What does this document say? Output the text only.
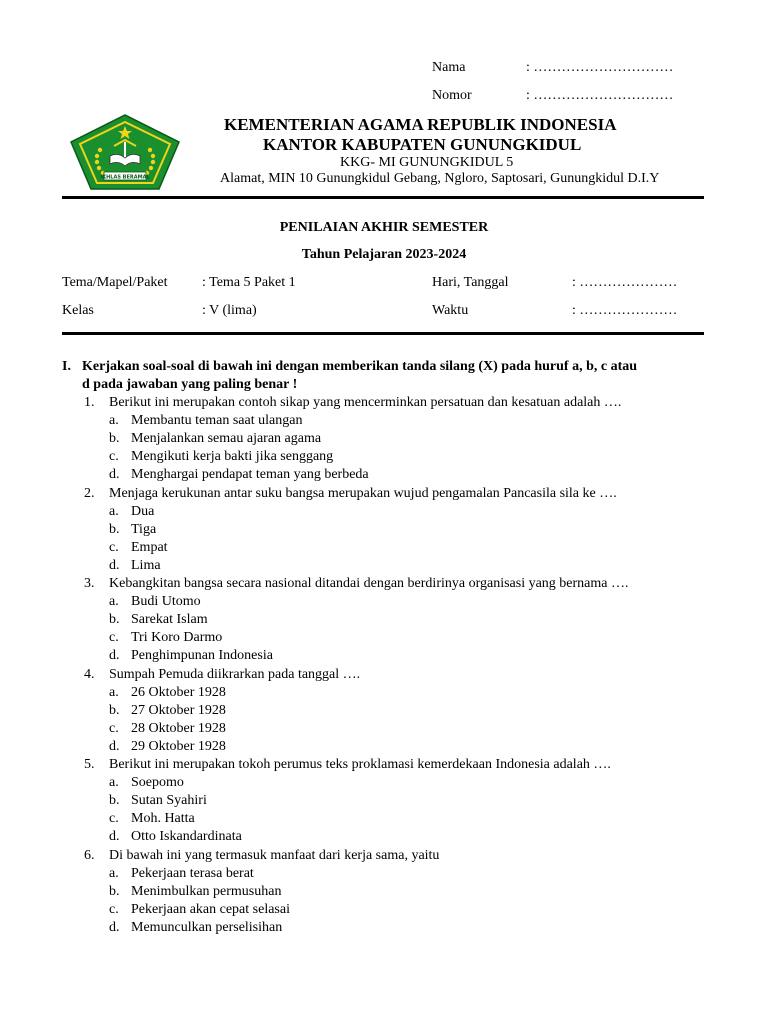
Nama	: …………………………
Nomor	: …………………………
IKHLAS BERAMAL
KEMENTERIAN AGAMA REPUBLIK INDONESIA
KANTOR KABUPATEN GUNUNGKIDUL
KKG- MI GUNUNGKIDUL 5
Alamat, MIN 10 Gunungkidul Gebang, Ngloro, Saptosari, Gunungkidul D.I.Y
PENILAIAN AKHIR SEMESTER
Tahun Pelajaran 2023-2024
Tema/Mapel/Paket : Tema 5 Paket 1	Hari, Tanggal	: …………………
Kelas	: V (lima)	Waktu	: …………………
I. Kerjakan soal-soal di bawah ini dengan memberikan tanda silang (X) pada huruf a, b, c atau
d pada jawaban yang paling benar !
1. Berikut ini merupakan contoh sikap yang mencerminkan persatuan dan kesatuan adalah ….
a. Membantu teman saat ulangan
b. Menjalankan semau ajaran agama
c. Mengikuti kerja bakti jika senggang
d. Menghargai pendapat teman yang berbeda
2. Menjaga kerukunan antar suku bangsa merupakan wujud pengamalan Pancasila sila ke ….
a. Dua
b. Tiga
c. Empat
d. Lima
3. Kebangkitan bangsa secara nasional ditandai dengan berdirinya organisasi yang bernama ….
a. Budi Utomo
b. Sarekat Islam
c. Tri Koro Darmo
d. Penghimpunan Indonesia
4. Sumpah Pemuda diikrarkan pada tanggal ….
a. 26 Oktober 1928
b. 27 Oktober 1928
c. 28 Oktober 1928
d. 29 Oktober 1928
5. Berikut ini merupakan tokoh perumus teks proklamasi kemerdekaan Indonesia adalah ….
a. Soepomo
b. Sutan Syahiri
c. Moh. Hatta
d. Otto Iskandardinata
6. Di bawah ini yang termasuk manfaat dari kerja sama, yaitu
a. Pekerjaan terasa berat
b. Menimbulkan permusuhan
c. Pekerjaan akan cepat selasai
d. Memunculkan perselisihan
